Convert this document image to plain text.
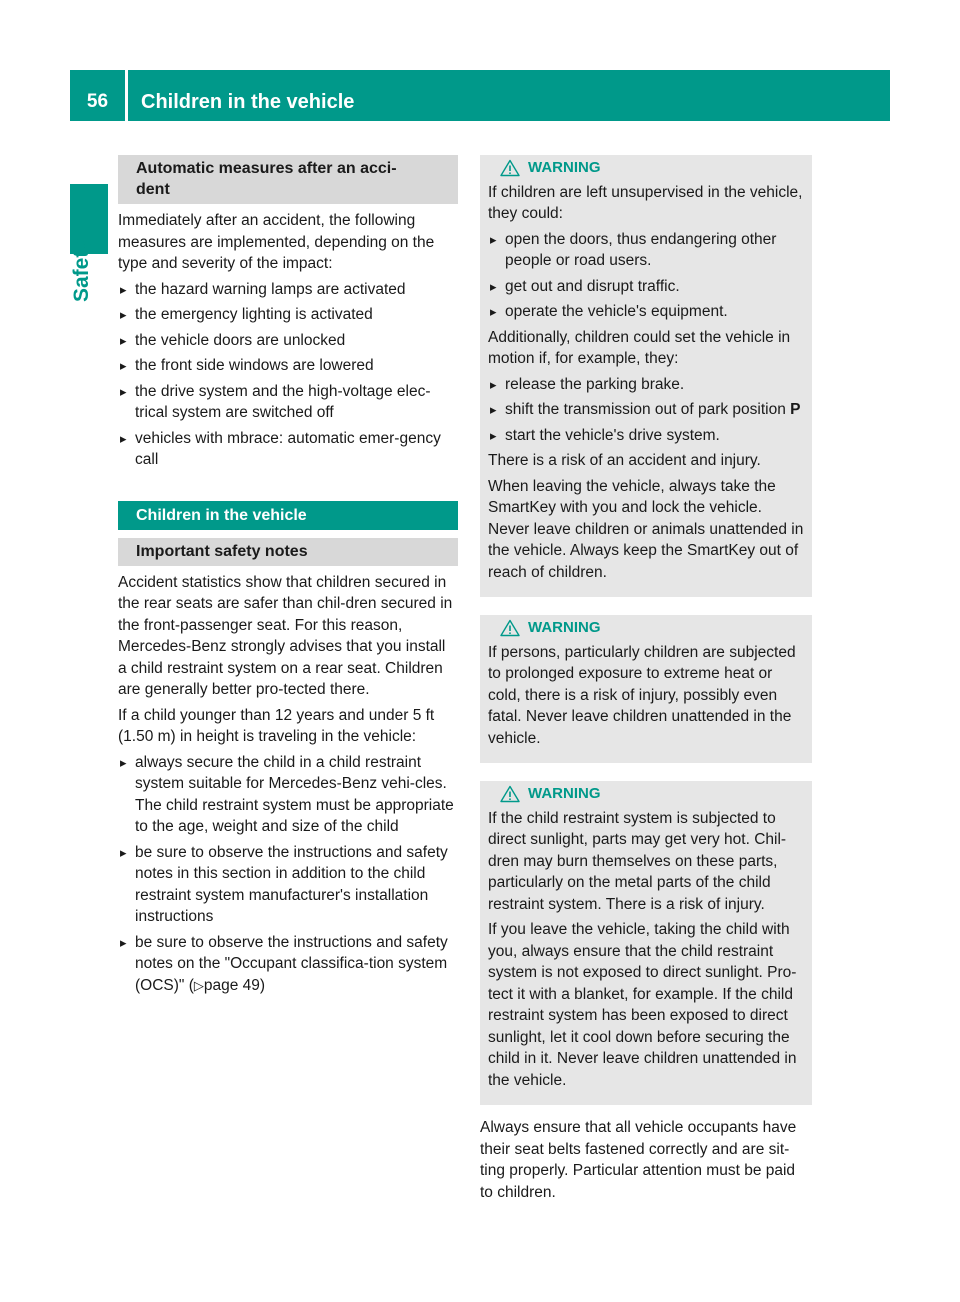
56	Children in the vehicle
Safety
Automatic measures after an acci-
dent

Immediately after an accident, the following measures are implemented, depending on the type and severity of the impact:

▸ the hazard warning lamps are activated
▸ the emergency lighting is activated
▸ the vehicle doors are unlocked
▸ the front side windows are lowered
▸ the drive system and the high-voltage elec-trical system are switched off
▸ vehicles with mbrace: automatic emer-gency call
Children in the vehicle
Important safety notes

Accident statistics show that children secured in the rear seats are safer than chil-dren secured in the front-passenger seat. For this reason, Mercedes-Benz strongly advises that you install a child restraint system on a rear seat. Children are generally better pro-tected there.

If a child younger than 12 years and under 5 ft (1.50 m) in height is traveling in the vehicle:

▸ always secure the child in a child restraint system suitable for Mercedes-Benz vehi-cles. The child restraint system must be appropriate to the age, weight and size of the child
▸ be sure to observe the instructions and safety notes in this section in addition to the child restraint system manufacturer's installation instructions
▸ be sure to observe the instructions and safety notes on the "Occupant classifica-tion system (OCS)" (▷page 49)
WARNING

If children are left unsupervised in the vehicle, they could:

▸ open the doors, thus endangering other people or road users.
▸ get out and disrupt traffic.
▸ operate the vehicle's equipment.

Additionally, children could set the vehicle in motion if, for example, they:

▸ release the parking brake.
▸ shift the transmission out of park position P
▸ start the vehicle's drive system.

There is a risk of an accident and injury.

When leaving the vehicle, always take the SmartKey with you and lock the vehicle. Never leave children or animals unattended in the vehicle. Always keep the SmartKey out of reach of children.

WARNING

If persons, particularly children are subjected to prolonged exposure to extreme heat or cold, there is a risk of injury, possibly even fatal. Never leave children unattended in the vehicle.

WARNING

If the child restraint system is subjected to direct sunlight, parts may get very hot. Chil-dren may burn themselves on these parts, particularly on the metal parts of the child restraint system. There is a risk of injury.

If you leave the vehicle, taking the child with you, always ensure that the child restraint system is not exposed to direct sunlight. Pro-tect it with a blanket, for example. If the child restraint system has been exposed to direct sunlight, let it cool down before securing the child in it. Never leave children unattended in the vehicle.

Always ensure that all vehicle occupants have their seat belts fastened correctly and are sit-ting properly. Particular attention must be paid to children.
